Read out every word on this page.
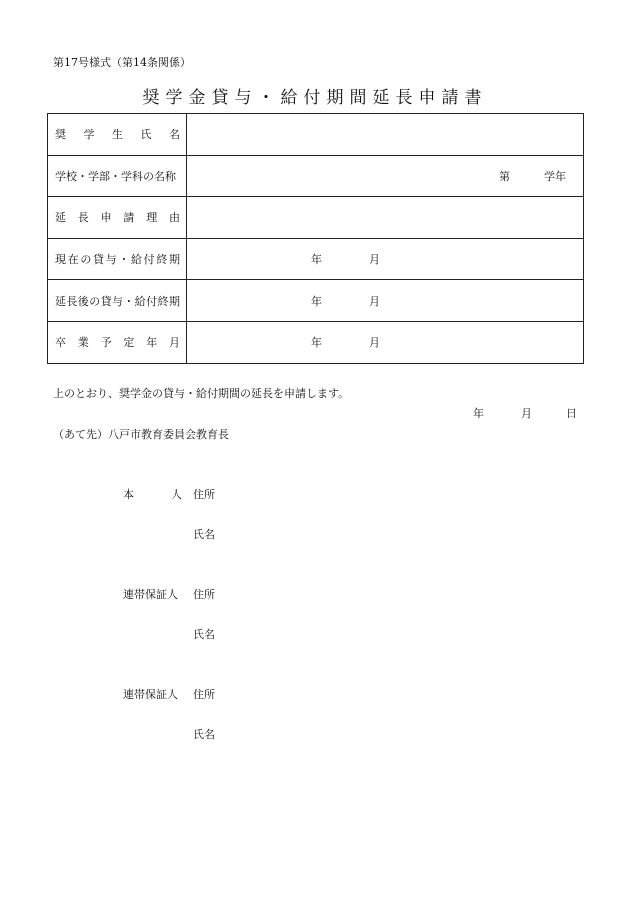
第17号様式（第14条関係）
奨学金貸与・給付期間延長申請書
奨学生氏名	

学校・学部・学科の名称	第 学年

延長申請理由	

現在の貸与・給付終期	年 月

延長後の貸与・給付終期	年 月

卒業予定年月	年 月
上のとおり、奨学金の貸与・給付期間の延長を申請します。
年	月	日
（あて先）八戸市教育委員会教育長
本	人 住所
氏名
連帯保証人 住所
氏名
連帯保証人 住所
氏名
